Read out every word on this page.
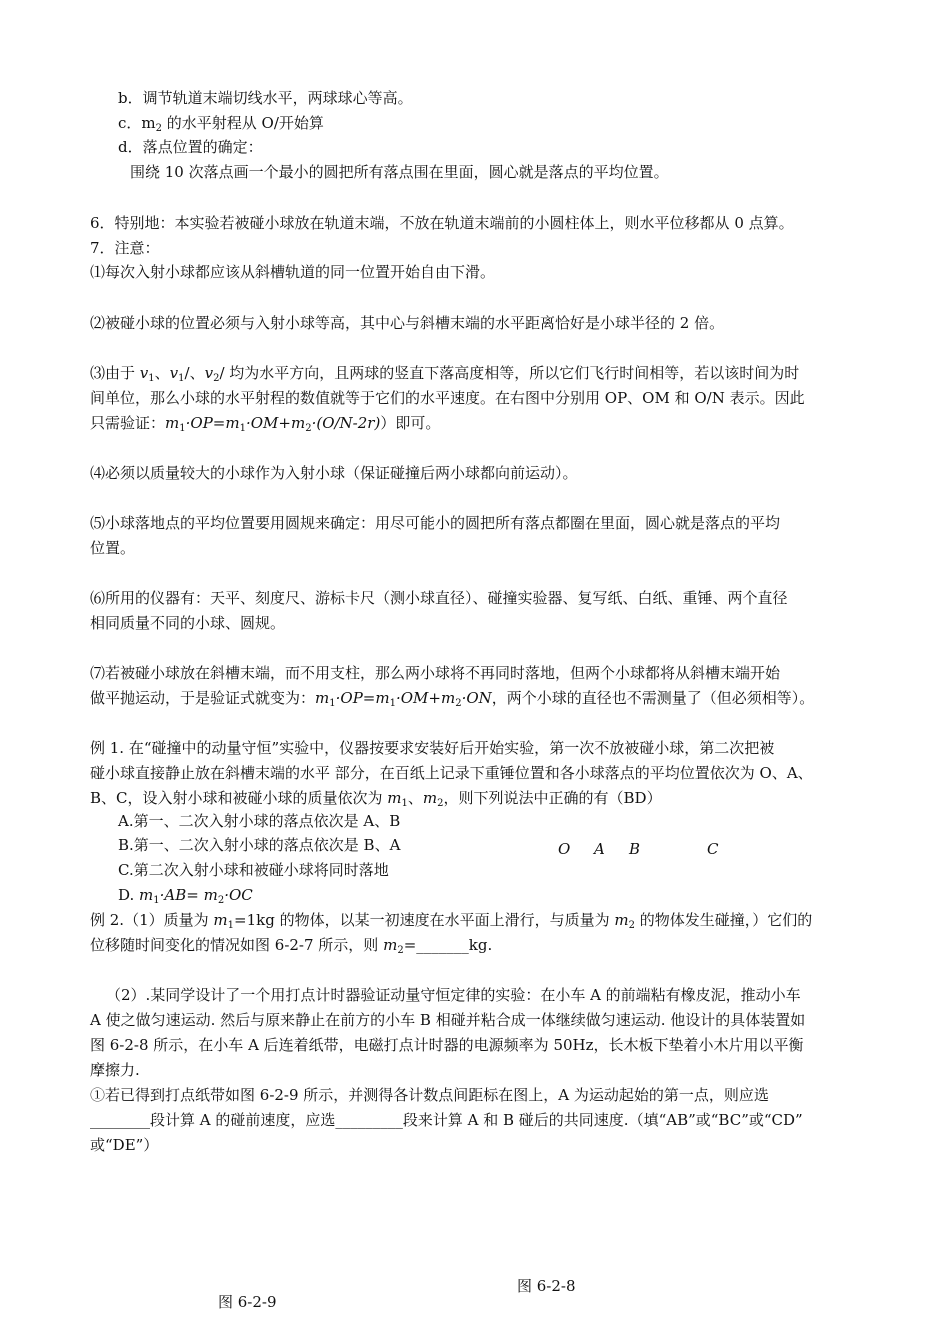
b．调节轨道末端切线水平，两球球心等高。
c．$m_2$ 的水平射程从 O/开始算
d．落点位置的确定：
围绕 10 次落点画一个最小的圆把所有落点围在里面，圆心就是落点的平均位置。
6．特别地：本实验若被碰小球放在轨道末端，不放在轨道末端前的小圆柱体上，则水平位移都从 0 点算。
7．注意：
⑴每次入射小球都应该从斜槽轨道的同一位置开始自由下滑。
⑵被碰小球的位置必须与入射小球等高，其中心与斜槽末端的水平距离恰好是小球半径的 2 倍。
⑶由于 $v_1$、$v_1/$、$v_2/$ 均为水平方向，且两球的竖直下落高度相等，所以它们飞行时间相等，若以该时间为时
间单位，那么小球的水平射程的数值就等于它们的水平速度。在右图中分别用 OP、OM 和 O/N 表示。因此
只需验证：$m_1\cdot OP=m_1\cdot OM+m_2\cdot(O/N-2r)$）即可。
⑷必须以质量较大的小球作为入射小球（保证碰撞后两小球都向前运动）。
⑸小球落地点的平均位置要用圆规来确定：用尽可能小的圆把所有落点都圈在里面，圆心就是落点的平均
位置。
⑹所用的仪器有：天平、刻度尺、游标卡尺（测小球直径）、碰撞实验器、复写纸、白纸、重锤、两个直径
相同质量不同的小球、圆规。
⑺若被碰小球放在斜槽末端，而不用支柱，那么两小球将不再同时落地，但两个小球都将从斜槽末端开始
做平抛运动，于是验证式就变为：$m_1\cdot OP=m_1\cdot OM+m_2\cdot ON$，两个小球的直径也不需测量了（但必须相等）。
例 1. 在“碰撞中的动量守恒”实验中，仪器按要求安装好后开始实验，第一次不放被碰小球，第二次把被
碰小球直接静止放在斜槽末端的水平 部分，在百纸上记录下重锤位置和各小球落点的平均位置依次为 O、A、
B、C，设入射小球和被碰小球的质量依次为 $m_1$、$m_2$，则下列说法中正确的有（BD）
A.第一、二次入射小球的落点依次是 A、B
B.第一、二次入射小球的落点依次是 B、A
C.第二次入射小球和被碰小球将同时落地
D. $m_1\cdot AB= m_2\cdot OC$
O A B	C
例 2.（1）质量为 $m_1=1kg$ 的物体，以某一初速度在水平面上滑行，与质量为 $m_2$ 的物体发生碰撞，）它们的
位移随时间变化的情况如图 6-2-7 所示，则 $m_2=\_\_\_\_\_\_\_kg$.
（2）.某同学设计了一个用打点计时器验证动量守恒定律的实验：在小车 A 的前端粘有橡皮泥，推动小车
A 使之做匀速运动. 然后与原来静止在前方的小车 B 相碰并粘合成一体继续做匀速运动. 他设计的具体装置如
图 6-2-8 所示，在小车 A 后连着纸带，电磁打点计时器的电源频率为 50Hz，长木板下垫着小木片用以平衡
摩擦力.
①若已得到打点纸带如图 6-2-9 所示，并测得各计数点间距标在图上，A 为运动起始的第一点，则应选
________段计算 A 的碰前速度，应选_________段来计算 A 和 B 碰后的共同速度.（填“AB”或“BC”或“CD”
或“DE”）
图 6-2-8
图 6-2-9
